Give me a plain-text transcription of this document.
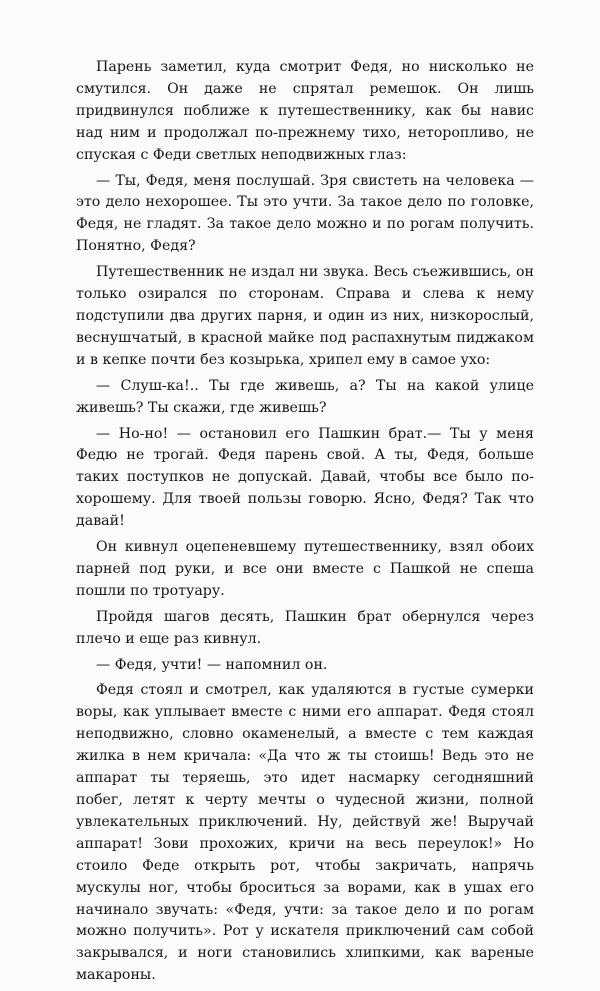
Парень заметил, куда смотрит Федя, но нисколько не смутился. Он даже не спрятал ремешок. Он лишь придвинулся поближе к путешественнику, как бы навис над ним и продолжал по-прежнему тихо, неторопливо, не спуская с Феди светлых неподвижных глаз:

— Ты, Федя, меня послушай. Зря свистеть на человека — это дело нехорошее. Ты это учти. За такое дело по головке, Федя, не гладят. За такое дело можно и по рогам получить. Понятно, Федя?

Путешественник не издал ни звука. Весь съежившись, он только озирался по сторонам. Справа и слева к нему подступили два других парня, и один из них, низкорослый, веснушчатый, в красной майке под распахнутым пиджаком и в кепке почти без козырька, хрипел ему в самое ухо:

— Слуш-ка!.. Ты где живешь, а? Ты на какой улице живешь? Ты скажи, где живешь?

— Но-но! — остановил его Пашкин брат.— Ты у меня Федю не трогай. Федя парень свой. А ты, Федя, больше таких поступков не допускай. Давай, чтобы все было по-хорошему. Для твоей пользы говорю. Ясно, Федя? Так что давай!

Он кивнул оцепеневшему путешественнику, взял обоих парней под руки, и все они вместе с Пашкой не спеша пошли по тротуару.

Пройдя шагов десять, Пашкин брат обернулся через плечо и еще раз кивнул.

— Федя, учти! — напомнил он.

Федя стоял и смотрел, как удаляются в густые сумерки воры, как уплывает вместе с ними его аппарат. Федя стоял неподвижно, словно окаменелый, а вместе с тем каждая жилка в нем кричала: «Да что ж ты стоишь! Ведь это не аппарат ты теряешь, это идет насмарку сегодняшний побег, летят к черту мечты о чудесной жизни, полной увлекательных приключений. Ну, действуй же! Выручай аппарат! Зови прохожих, кричи на весь переулок!» Но стоило Феде открыть рот, чтобы закричать, напрячь мускулы ног, чтобы броситься за ворами, как в ушах его начинало звучать: «Федя, учти: за такое дело и по рогам можно получить». Рот у искателя приключений сам собой закрывался, и ноги становились хлипкими, как вареные макароны.
